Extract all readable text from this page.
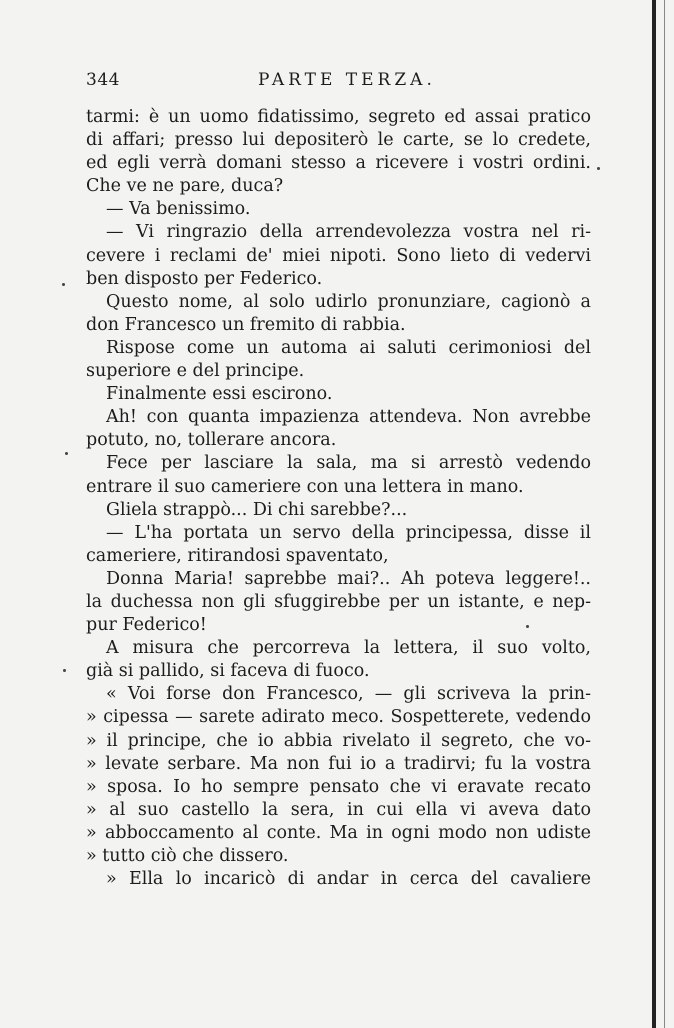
344	PARTE TERZA.
tarmi: è un uomo fidatissimo, segreto ed assai pratico
di affari; presso lui depositerò le carte, se lo credete,
ed egli verrà domani stesso a ricevere i vostri ordini.
Che ve ne pare, duca?
— Va benissimo.
— Vi ringrazio della arrendevolezza vostra nel ri-
cevere i reclami de' miei nipoti. Sono lieto di vedervi
ben disposto per Federico.
Questo nome, al solo udirlo pronunziare, cagionò a
don Francesco un fremito di rabbia.
Rispose come un automa ai saluti cerimoniosi del
superiore e del principe.
Finalmente essi escirono.
Ah! con quanta impazienza attendeva. Non avrebbe
potuto, no, tollerare ancora.
Fece per lasciare la sala, ma si arrestò vedendo
entrare il suo cameriere con una lettera in mano.
Gliela strappò... Di chi sarebbe?...
— L'ha portata un servo della principessa, disse il
cameriere, ritirandosi spaventato,
Donna Maria! saprebbe mai?.. Ah poteva leggere!..
la duchessa non gli sfuggirebbe per un istante, e nep-
pur Federico!
A misura che percorreva la lettera, il suo volto,
già si pallido, si faceva di fuoco.
« Voi forse don Francesco, — gli scriveva la prin-
» cipessa — sarete adirato meco. Sospetterete, vedendo
» il principe, che io abbia rivelato il segreto, che vo-
» levate serbare. Ma non fui io a tradirvi; fu la vostra
» sposa. Io ho sempre pensato che vi eravate recato
» al suo castello la sera, in cui ella vi aveva dato
» abboccamento al conte. Ma in ogni modo non udiste
» tutto ciò che dissero.
» Ella lo incaricò di andar in cerca del cavaliere
